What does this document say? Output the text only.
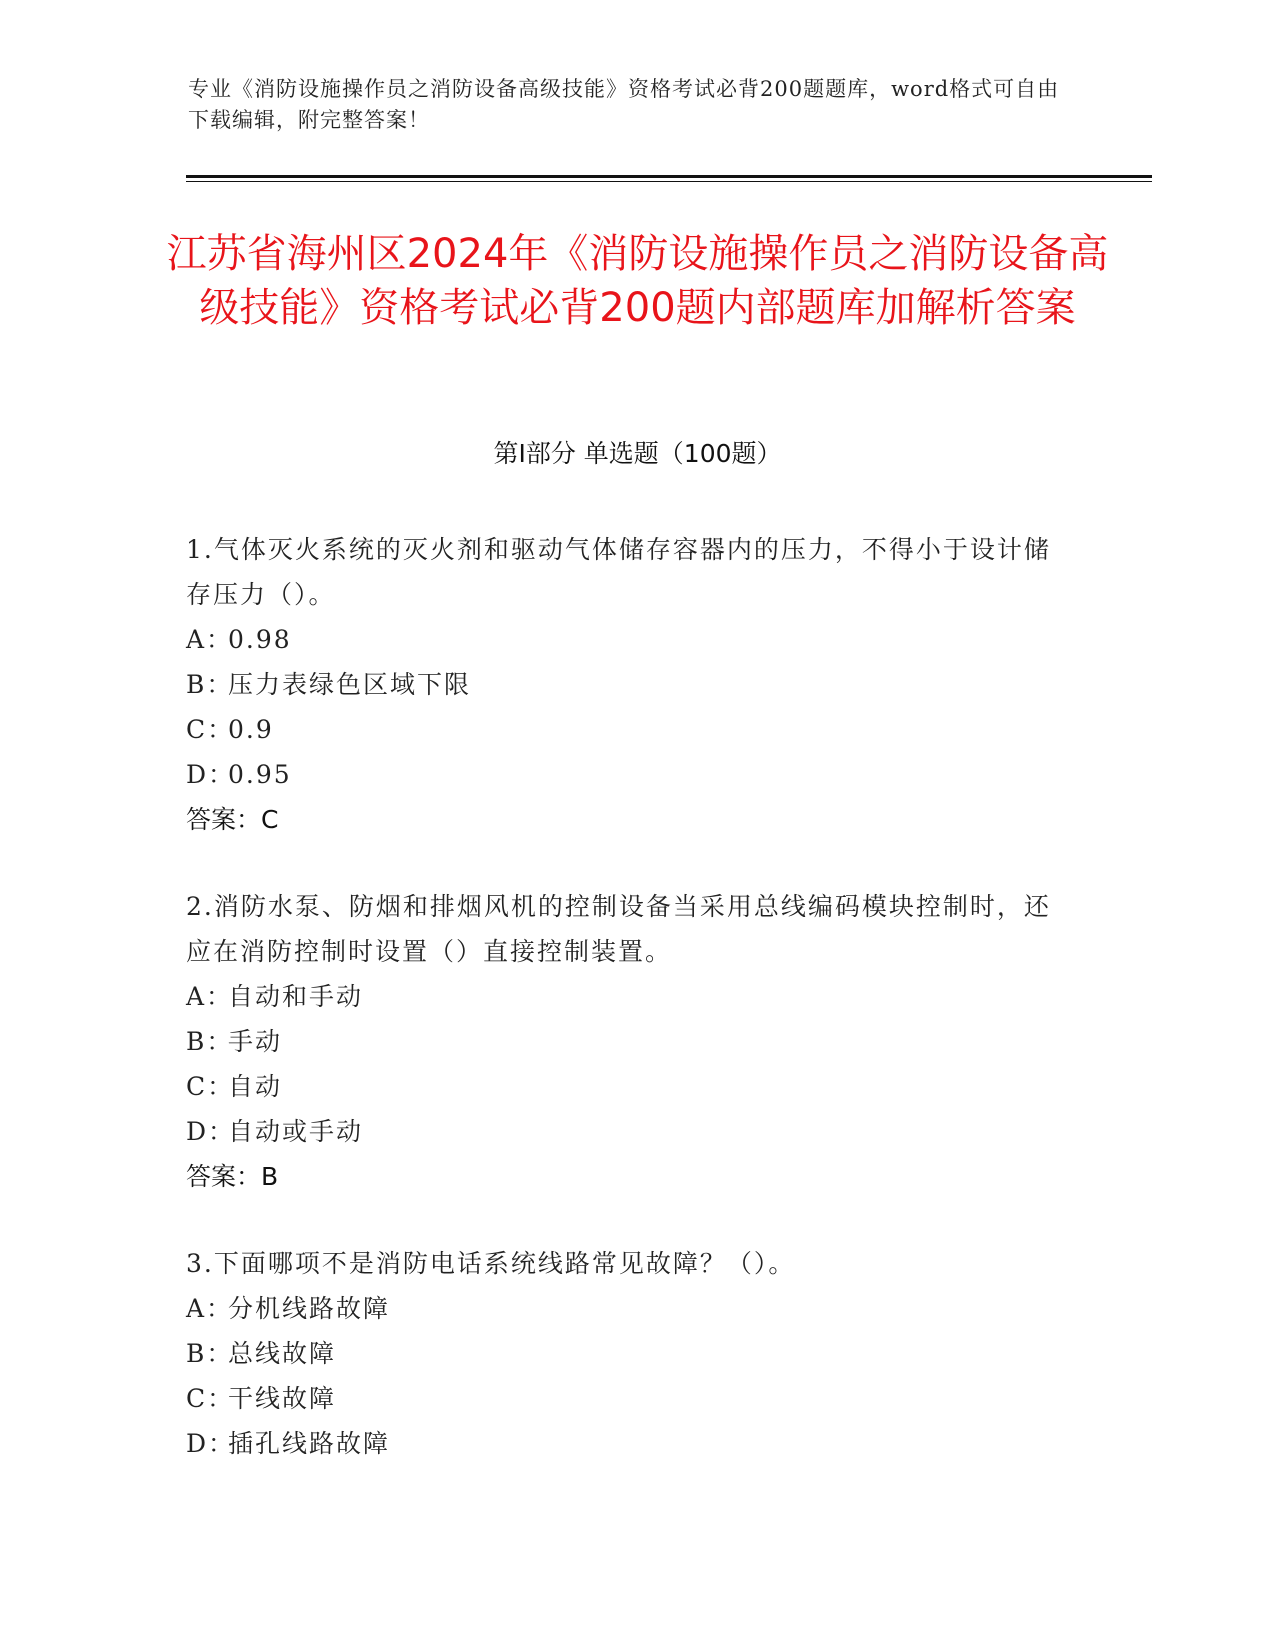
专业《消防设施操作员之消防设备高级技能》资格考试必背200题题库，word格式可自由下载编辑，附完整答案！
江苏省海州区2024年《消防设施操作员之消防设备高级技能》资格考试必背200题内部题库加解析答案
第Ⅰ部分 单选题（100题）

1.气体灭火系统的灭火剂和驱动气体储存容器内的压力，不得小于设计储存压力（）。

A：0.98

B：压力表绿色区域下限

C：0.9

D：0.95

答案：C

2.消防水泵、防烟和排烟风机的控制设备当采用总线编码模块控制时，还应在消防控制时设置（）直接控制装置。

A：自动和手动

B：手动

C：自动

D：自动或手动

答案：B

3.下面哪项不是消防电话系统线路常见故障？（）。

A：分机线路故障

B：总线故障

C：干线故障

D：插孔线路故障
